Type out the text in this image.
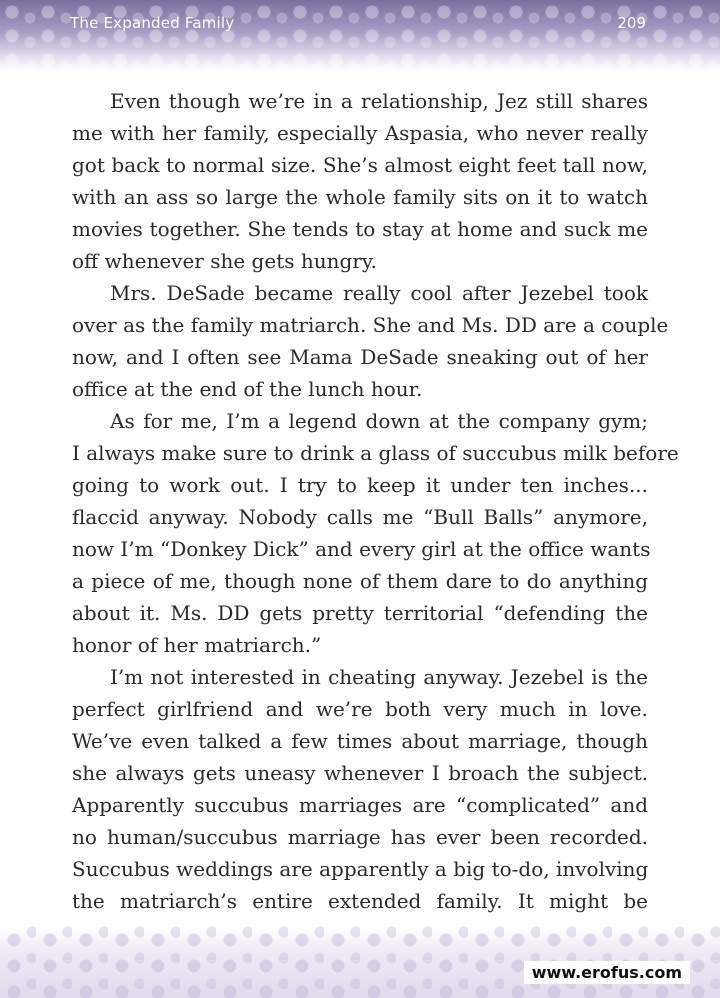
The Expanded Family	209

Even though we’re in a relationship, Jez still shares

me with her family, especially Aspasia, who never really

got back to normal size. She’s almost eight feet tall now,

with an ass so large the whole family sits on it to watch

movies together. She tends to stay at home and suck me

off whenever she gets hungry.

Mrs. DeSade became really cool after Jezebel took

over as the family matriarch. She and Ms. DD are a couple

now, and I often see Mama DeSade sneaking out of her

office at the end of the lunch hour.

As for me, I’m a legend down at the company gym;

I always make sure to drink a glass of succubus milk before

going to work out. I try to keep it under ten inches...

flaccid anyway. Nobody calls me “Bull Balls” anymore,

now I’m “Donkey Dick” and every girl at the office wants

a piece of me, though none of them dare to do anything

about it. Ms. DD gets pretty territorial “defending the

honor of her matriarch.”

I’m not interested in cheating anyway. Jezebel is the

perfect girlfriend and we’re both very much in love.

We’ve even talked a few times about marriage, though

she always gets uneasy whenever I broach the subject.

Apparently succubus marriages are “complicated” and

no human/succubus marriage has ever been recorded.

Succubus weddings are apparently a big to-do, involving

the matriarch’s entire extended family. It might be

www.erofus.com
